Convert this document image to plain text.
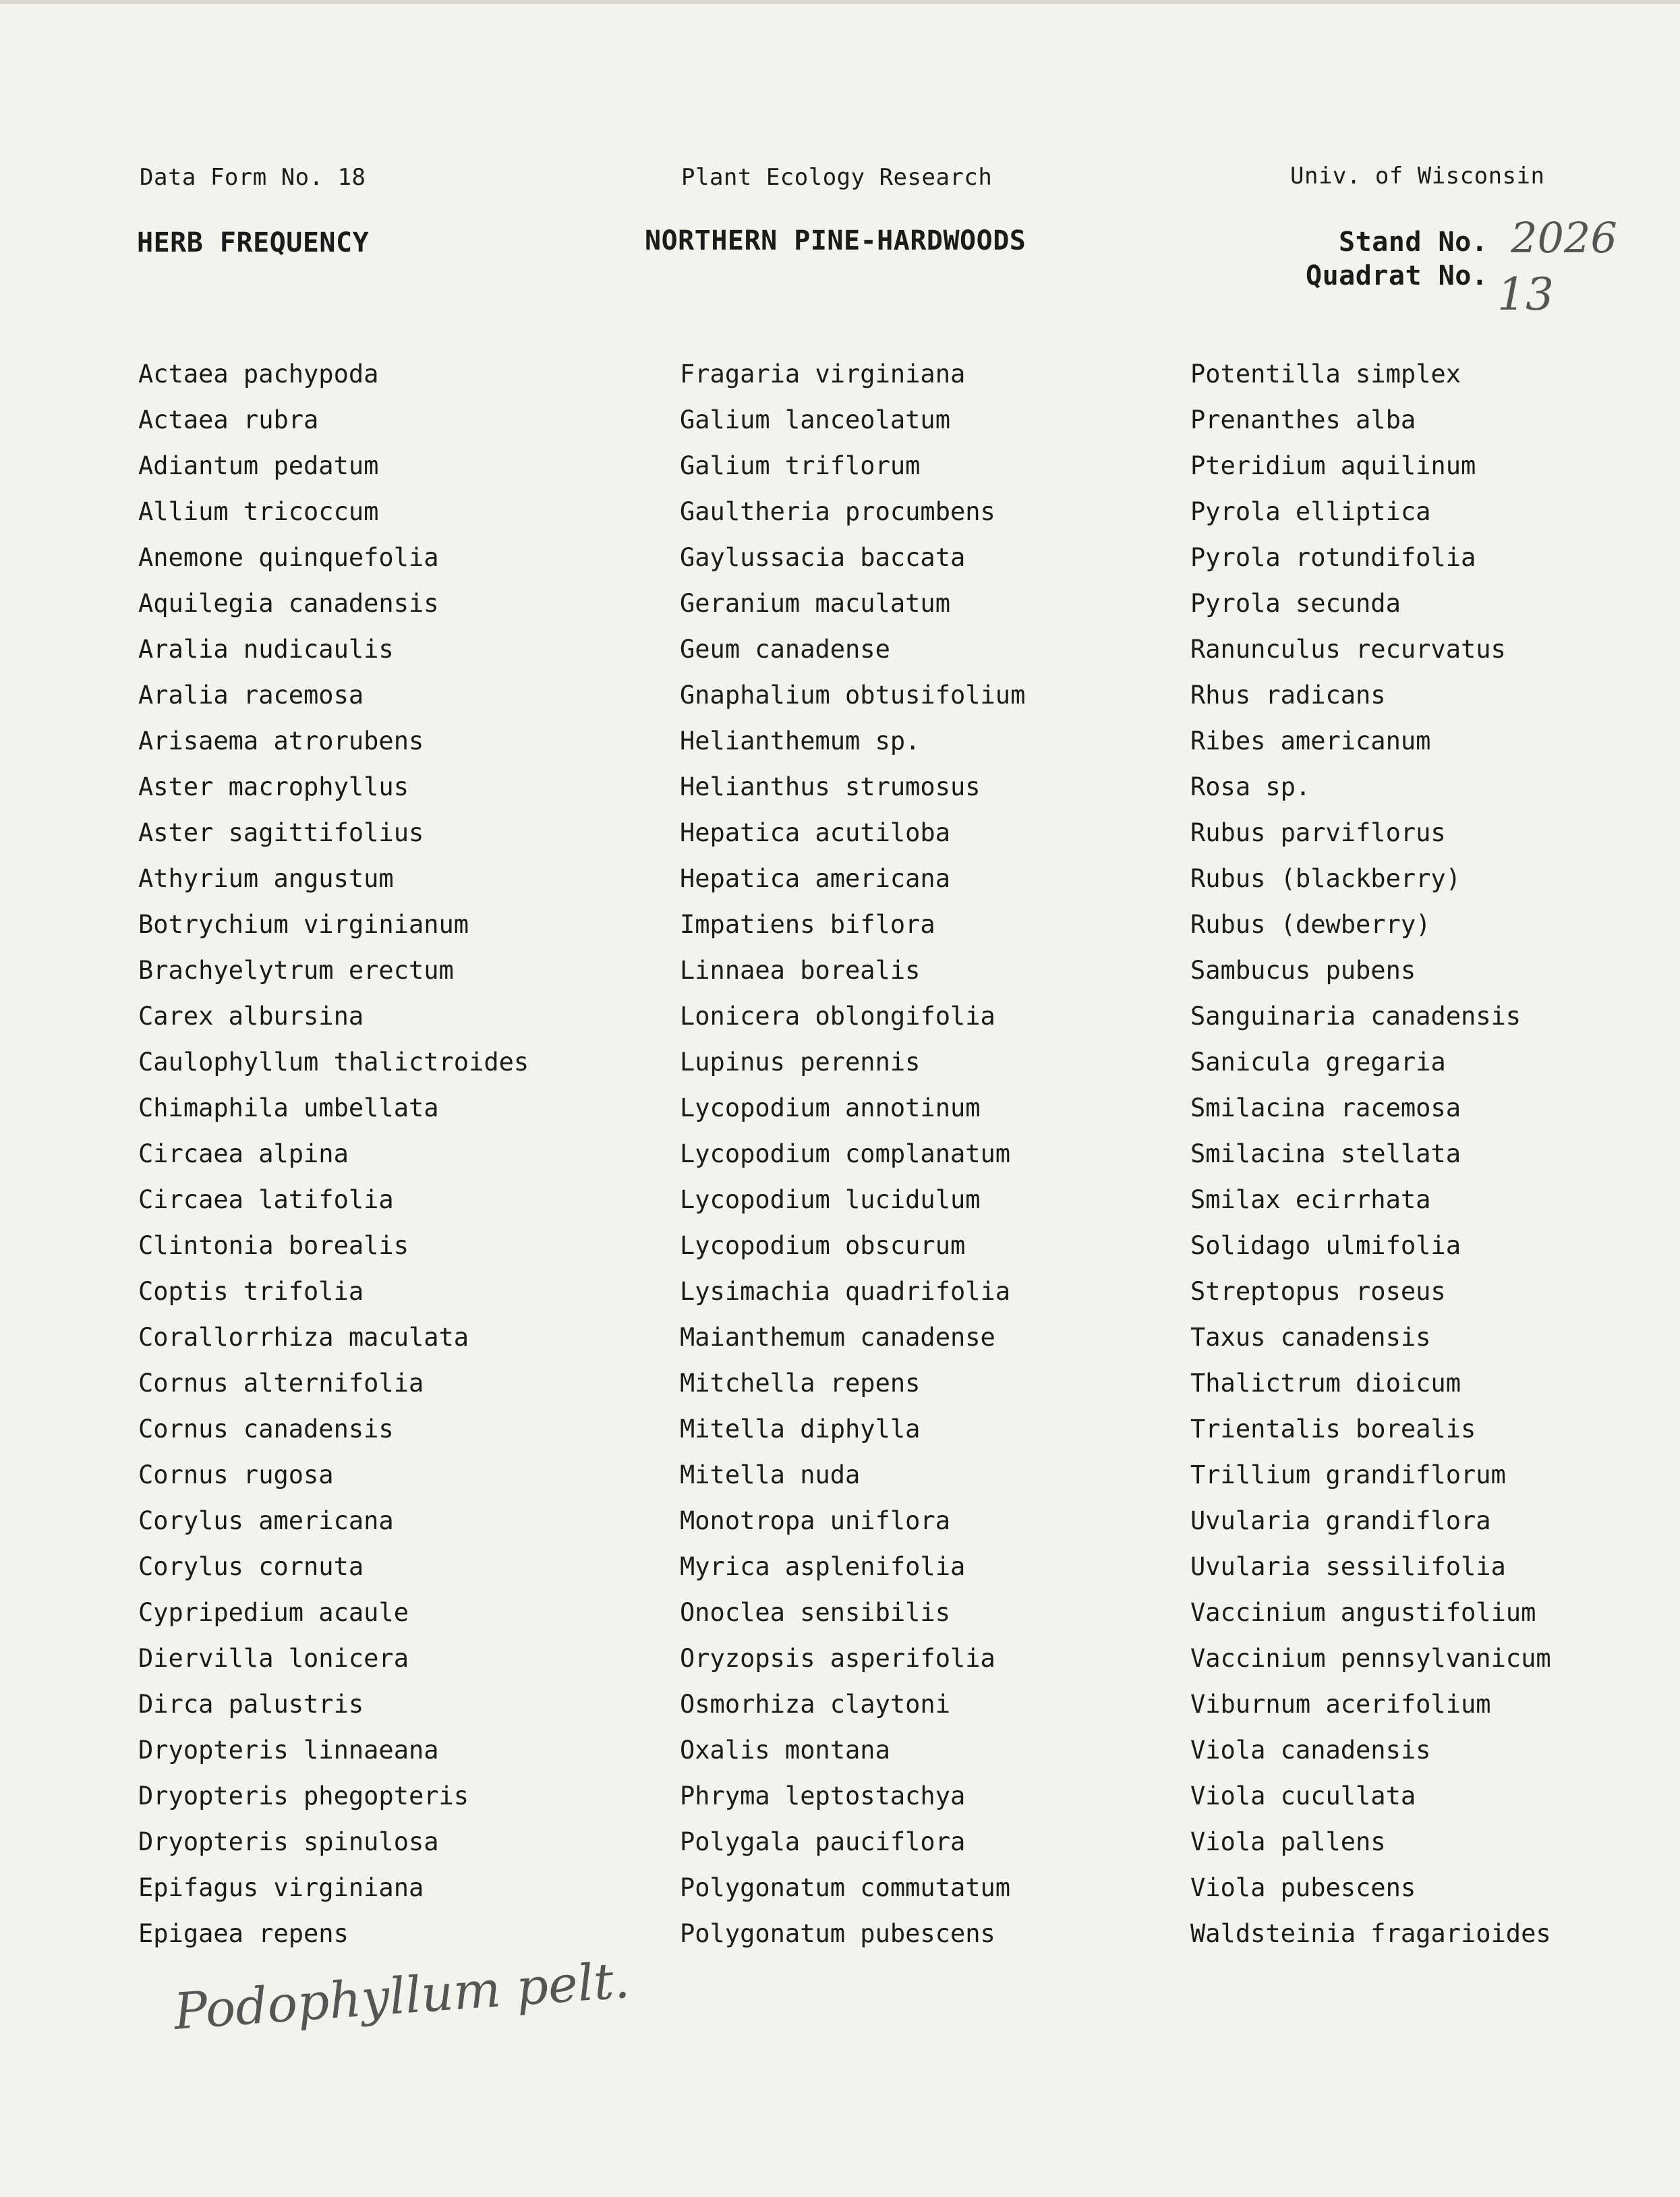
Data Form No. 18	Plant Ecology Research	Univ. of Wisconsin
HERB FREQUENCY	NORTHERN PINE-HARDWOODS	Stand No. 2026
Quadrat No. 13
Actaea pachypoda
Actaea rubra
Adiantum pedatum
Allium tricoccum
Anemone quinquefolia
Aquilegia canadensis
Aralia nudicaulis
Aralia racemosa
Arisaema atrorubens
Aster macrophyllus
Aster sagittifolius
Athyrium angustum
Botrychium virginianum
Brachyelytrum erectum
Carex albursina
Caulophyllum thalictroides
Chimaphila umbellata
Circaea alpina
Circaea latifolia
Clintonia borealis
Coptis trifolia
Corallorrhiza maculata
Cornus alternifolia
Cornus canadensis
Cornus rugosa
Corylus americana
Corylus cornuta
Cypripedium acaule
Diervilla lonicera
Dirca palustris
Dryopteris linnaeana
Dryopteris phegopteris
Dryopteris spinulosa
Epifagus virginiana
Epigaea repens
Fragaria virginiana
Galium lanceolatum
Galium triflorum
Gaultheria procumbens
Gaylussacia baccata
Geranium maculatum
Geum canadense
Gnaphalium obtusifolium
Helianthemum sp.
Helianthus strumosus
Hepatica acutiloba
Hepatica americana
Impatiens biflora
Linnaea borealis
Lonicera oblongifolia
Lupinus perennis
Lycopodium annotinum
Lycopodium complanatum
Lycopodium lucidulum
Lycopodium obscurum
Lysimachia quadrifolia
Maianthemum canadense
Mitchella repens
Mitella diphylla
Mitella nuda
Monotropa uniflora
Myrica asplenifolia
Onoclea sensibilis
Oryzopsis asperifolia
Osmorhiza claytoni
Oxalis montana
Phryma leptostachya
Polygala pauciflora
Polygonatum commutatum
Polygonatum pubescens
Potentilla simplex
Prenanthes alba
Pteridium aquilinum
Pyrola elliptica
Pyrola rotundifolia
Pyrola secunda
Ranunculus recurvatus
Rhus radicans
Ribes americanum
Rosa sp.
Rubus parviflorus
Rubus (blackberry)
Rubus (dewberry)
Sambucus pubens
Sanguinaria canadensis
Sanicula gregaria
Smilacina racemosa
Smilacina stellata
Smilax ecirrhata
Solidago ulmifolia
Streptopus roseus
Taxus canadensis
Thalictrum dioicum
Trientalis borealis
Trillium grandiflorum
Uvularia grandiflora
Uvularia sessilifolia
Vaccinium angustifolium
Vaccinium pennsylvanicum
Viburnum acerifolium
Viola canadensis
Viola cucullata
Viola pallens
Viola pubescens
Waldsteinia fragarioides
Podophyllum pelt.
